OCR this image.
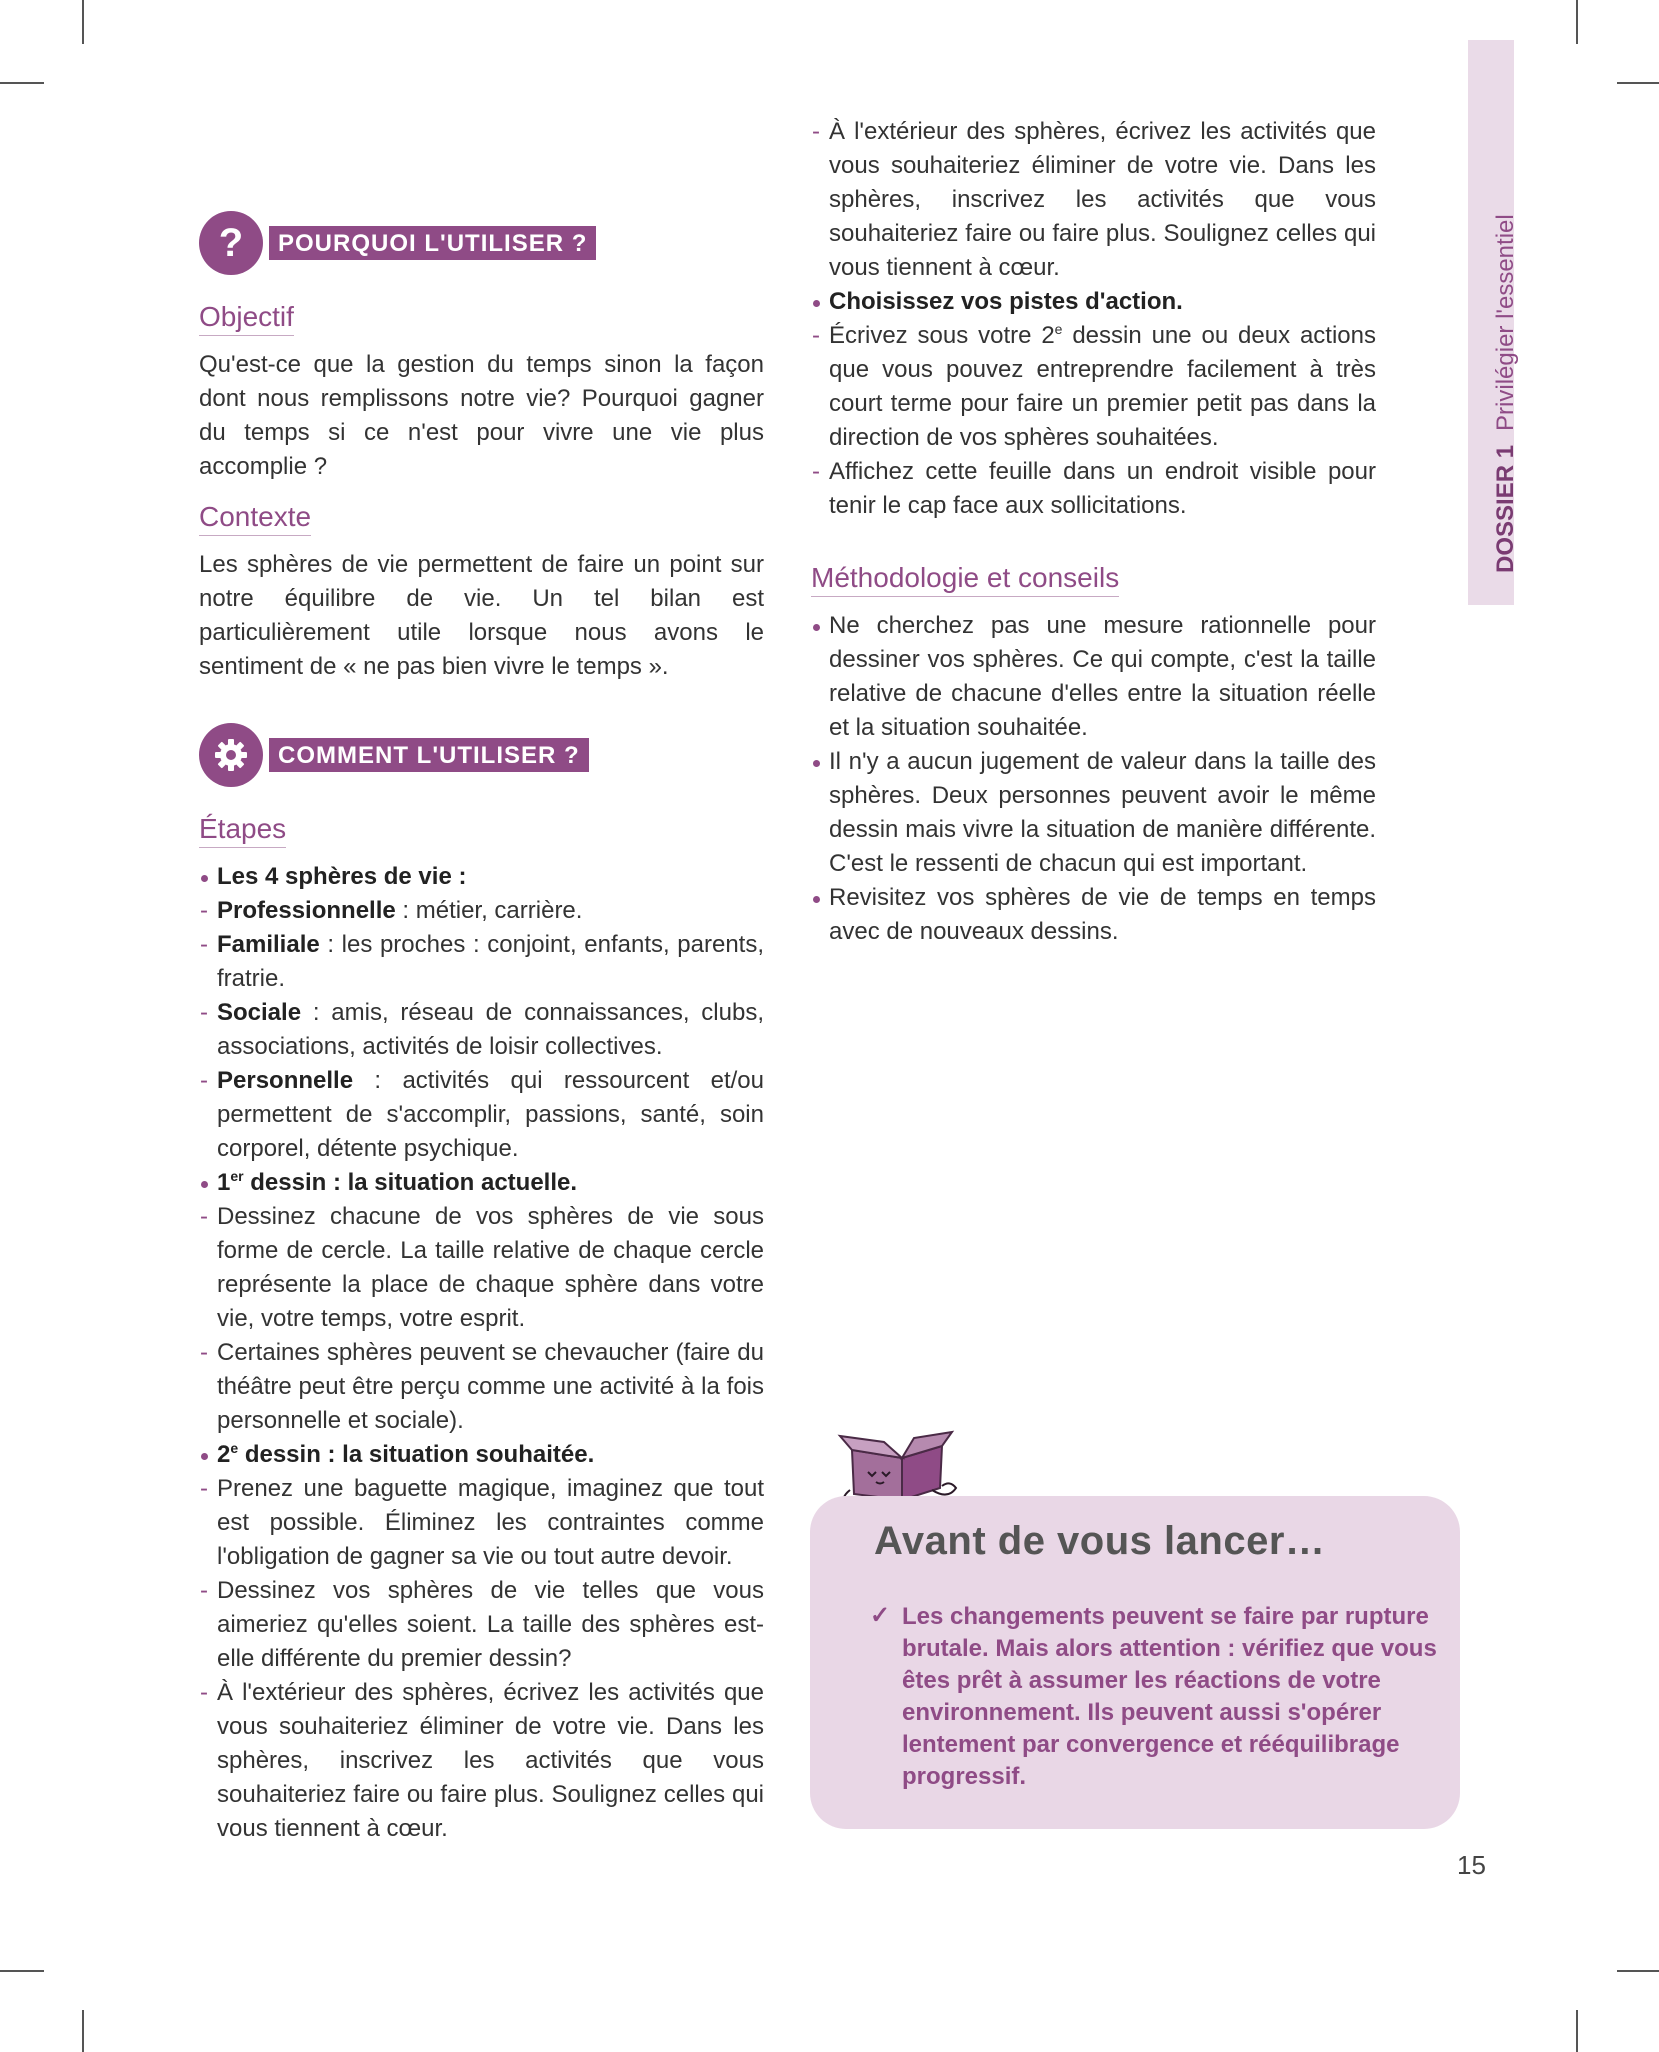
DOSSIER 1Privilégier l'essentiel
?	POURQUOI L'UTILISER ?
Objectif

Qu'est-ce que la gestion du temps sinon la façon dont nous remplissons notre vie? Pourquoi gagner du temps si ce n'est pour vivre une vie plus accomplie ?

Contexte

Les sphères de vie permettent de faire un point sur notre équilibre de vie. Un tel bilan est particulièrement utile lorsque nous avons le sentiment de « ne pas bien vivre le temps ».

COMMENT L'UTILISER ?
Étapes
Les 4 sphères de vie :
- Professionnelle : métier, carrière.
- Familiale : les proches : conjoint, enfants, parents, fratrie.
- Sociale : amis, réseau de connaissances, clubs, associations, activités de loisir collectives.
- Personnelle : activités qui ressourcent et/ou permettent de s'accomplir, passions, santé, soin corporel, détente psychique.
1er dessin : la situation actuelle.
- Dessinez chacune de vos sphères de vie sous forme de cercle. La taille relative de chaque cercle représente la place de chaque sphère dans votre vie, votre temps, votre esprit.
- Certaines sphères peuvent se chevaucher (faire du théâtre peut être perçu comme une activité à la fois personnelle et sociale).
2e dessin : la situation souhaitée.
- Prenez une baguette magique, imaginez que tout est possible. Éliminez les contraintes comme l'obligation de gagner sa vie ou tout autre devoir.
- Dessinez vos sphères de vie telles que vous aimeriez qu'elles soient. La taille des sphères est-elle différente du premier dessin?
- À l'extérieur des sphères, écrivez les activités que vous souhaiteriez éliminer de votre vie. Dans les sphères, inscrivez les activités que vous souhaiteriez faire ou faire plus. Soulignez celles qui vous tiennent à cœur.
- À l'extérieur des sphères, écrivez les activités que vous souhaiteriez éliminer de votre vie. Dans les sphères, inscrivez les activités que vous souhaiteriez faire ou faire plus. Soulignez celles qui vous tiennent à cœur.
Choisissez vos pistes d'action.
- Écrivez sous votre 2e dessin une ou deux actions que vous pouvez entreprendre facilement à très court terme pour faire un premier petit pas dans la direction de vos sphères souhaitées.
- Affichez cette feuille dans un endroit visible pour tenir le cap face aux sollicitations.
Méthodologie et conseils
Ne cherchez pas une mesure rationnelle pour dessiner vos sphères. Ce qui compte, c'est la taille relative de chacune d'elles entre la situation réelle et la situation souhaitée.
Il n'y a aucun jugement de valeur dans la taille des sphères. Deux personnes peuvent avoir le même dessin mais vivre la situation de manière différente. C'est le ressenti de chacun qui est important.
Revisitez vos sphères de vie de temps en temps avec de nouveaux dessins.
Avant de vous lancer…
✓ Les changements peuvent se faire par rupture brutale. Mais alors attention : vérifiez que vous êtes prêt à assumer les réactions de votre environnement. Ils peuvent aussi s'opérer lentement par convergence et rééquilibrage progressif.
15
